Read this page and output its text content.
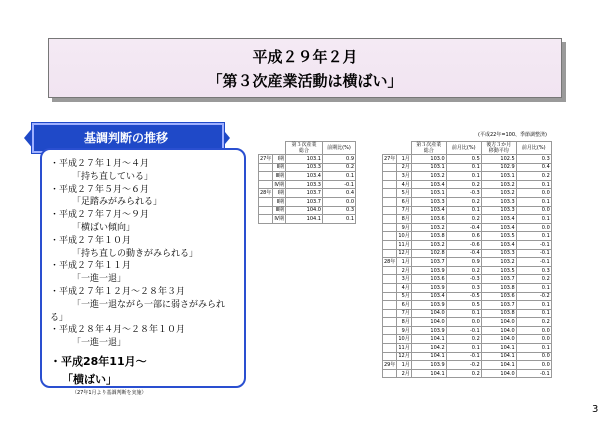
平成２９年２月
「第３次産業活動は横ばい」
(平成22年=100、季節調整済)
基調判断の推移
・平成２７年１月～４月
「持ち直している」
・平成２７年５月～６月
「足踏みがみられる」
・平成２７年７月～９月
「横ばい傾向」
・平成２７年１０月
「持ち直しの動きがみられる」
・平成２７年１１月
「一進一退」
・平成２７年１２月～２８年３月
「一進一退ながら一部に弱さがみられ
る」
・平成２８年４月～２８年１０月
「一進一退」
・平成28年11月～
「横ばい」
（27年1月より基調判断を実施）
		第３次産業
総合	前期比(%)
27年	Ⅰ期	103.1	0.9
	Ⅱ期	103.3	0.2
	Ⅲ期	103.4	0.1
	Ⅳ期	103.3	-0.1
28年	Ⅰ期	103.7	0.4
	Ⅱ期	103.7	0.0
	Ⅲ期	104.0	0.3
	Ⅳ期	104.1	0.1
		第３次産業
総合	前月比(%)	後方３か月
移動平均	前月比(%)
27年	1月	103.0	0.5	102.5	0.3
	2月	103.1	0.1	102.9	0.4
	3月	103.2	0.1	103.1	0.2
	4月	103.4	0.2	103.2	0.1
	5月	103.1	-0.3	103.2	0.0
	6月	103.3	0.2	103.3	0.1
	7月	103.4	0.1	103.3	0.0
	8月	103.6	0.2	103.4	0.1
	9月	103.2	-0.4	103.4	0.0
	10月	103.8	0.6	103.5	0.1
	11月	103.2	-0.6	103.4	-0.1
	12月	102.8	-0.4	103.3	-0.1
28年	1月	103.7	0.9	103.2	-0.1
	2月	103.9	0.2	103.5	0.3
	3月	103.6	-0.3	103.7	0.2
	4月	103.9	0.3	103.8	0.1
	5月	103.4	-0.5	103.6	-0.2
	6月	103.9	0.5	103.7	0.1
	7月	104.0	0.1	103.8	0.1
	8月	104.0	0.0	104.0	0.2
	9月	103.9	-0.1	104.0	0.0
	10月	104.1	0.2	104.0	0.0
	11月	104.2	0.1	104.1	0.1
	12月	104.1	-0.1	104.1	0.0
29年	1月	103.9	-0.2	104.1	0.0
	2月	104.1	0.2	104.0	-0.1
3
